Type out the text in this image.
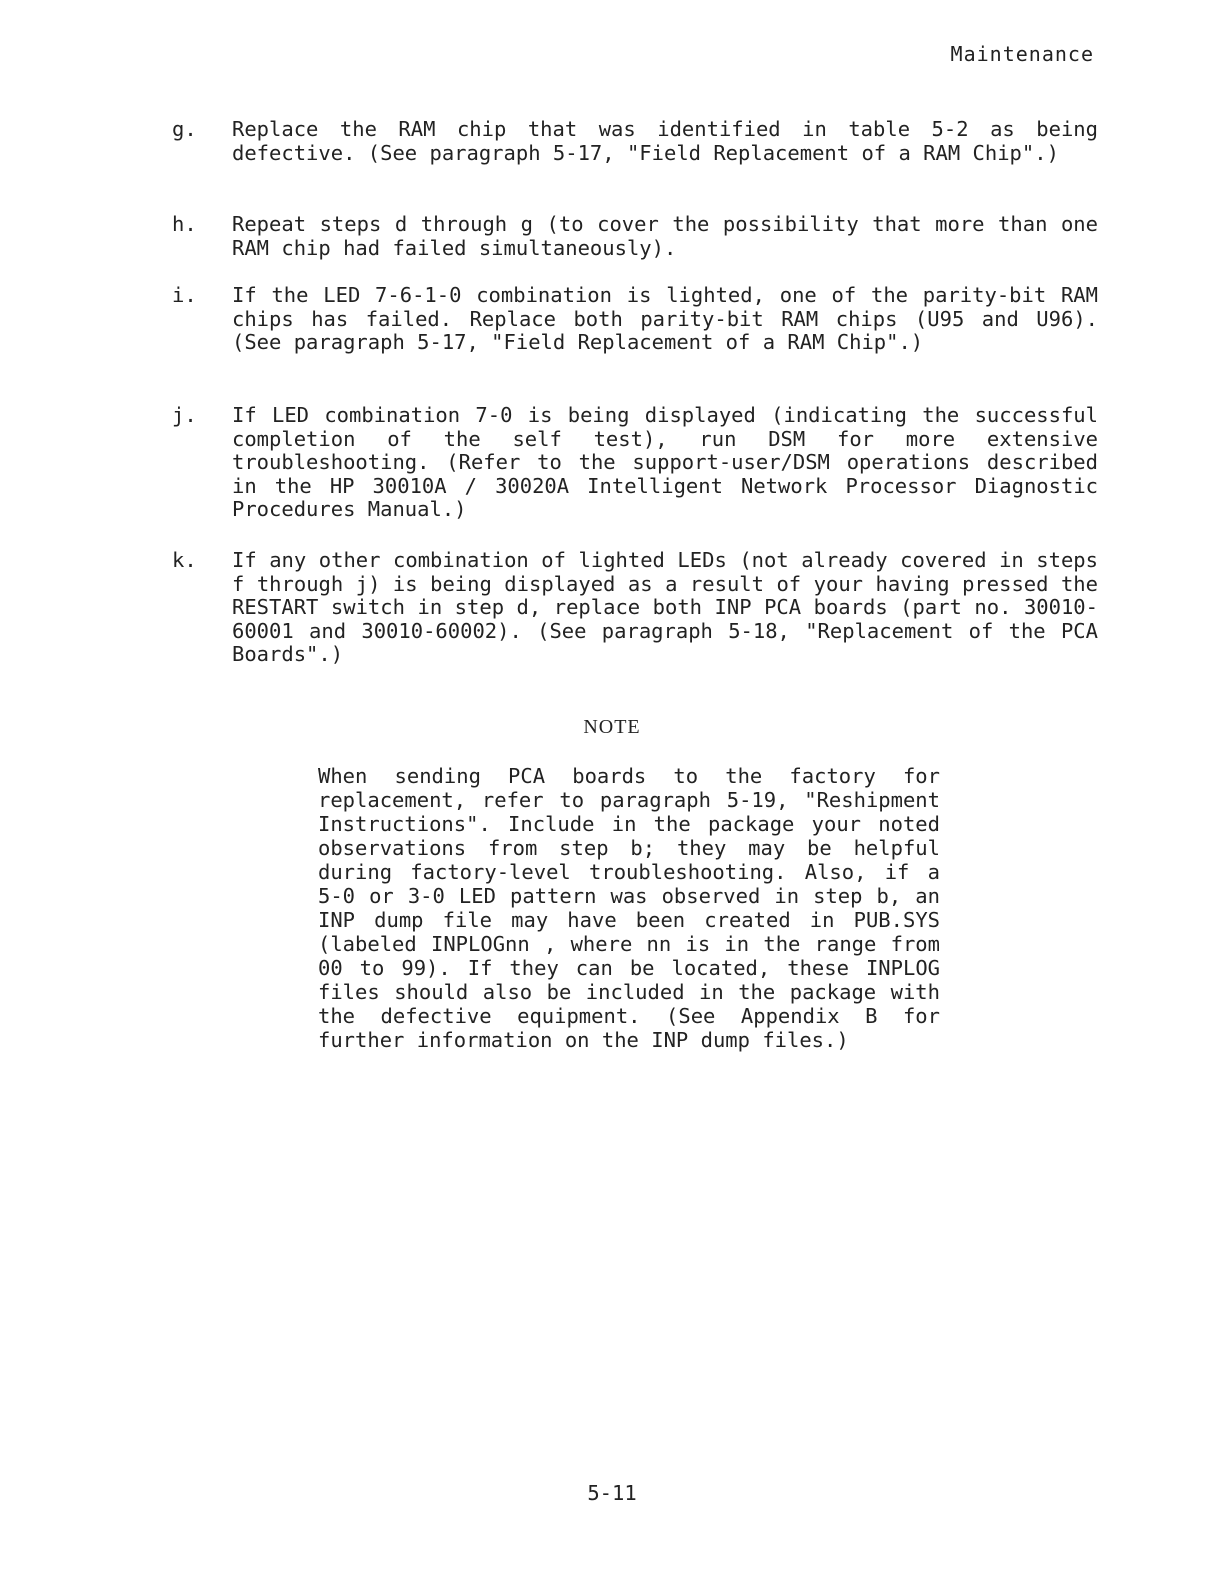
Maintenance
g. Replace the RAM chip that was identified in table 5-2 as being defective. (See paragraph 5-17, "Field Replacement of a RAM Chip".)
h. Repeat steps d through g (to cover the possibility that more than one RAM chip had failed simultaneously).
i. If the LED 7-6-1-0 combination is lighted, one of the parity-bit RAM chips has failed. Replace both parity-bit RAM chips (U95 and U96). (See paragraph 5-17, "Field Replacement of a RAM Chip".)
j. If LED combination 7-0 is being displayed (indicating the successful completion of the self test), run DSM for more extensive troubleshooting. (Refer to the support-user/DSM operations described in the HP 30010A / 30020A Intelligent Network Processor Diagnostic Procedures Manual.)
k. If any other combination of lighted LEDs (not already covered in steps f through j) is being displayed as a result of your having pressed the RESTART switch in step d, replace both INP PCA boards (part no. 30010-60001 and 30010-60002). (See paragraph 5-18, "Replacement of the PCA Boards".)
NOTE
When sending PCA boards to the factory for replacement, refer to paragraph 5-19, "Reshipment Instructions". Include in the package your noted observations from step b; they may be helpful during factory-level troubleshooting. Also, if a 5-0 or 3-0 LED pattern was observed in step b, an INP dump file may have been created in PUB.SYS (labeled INPLOGnn , where nn is in the range from 00 to 99). If they can be located, these INPLOG files should also be included in the package with the defective equipment. (See Appendix B for further information on the INP dump files.)
5-11
